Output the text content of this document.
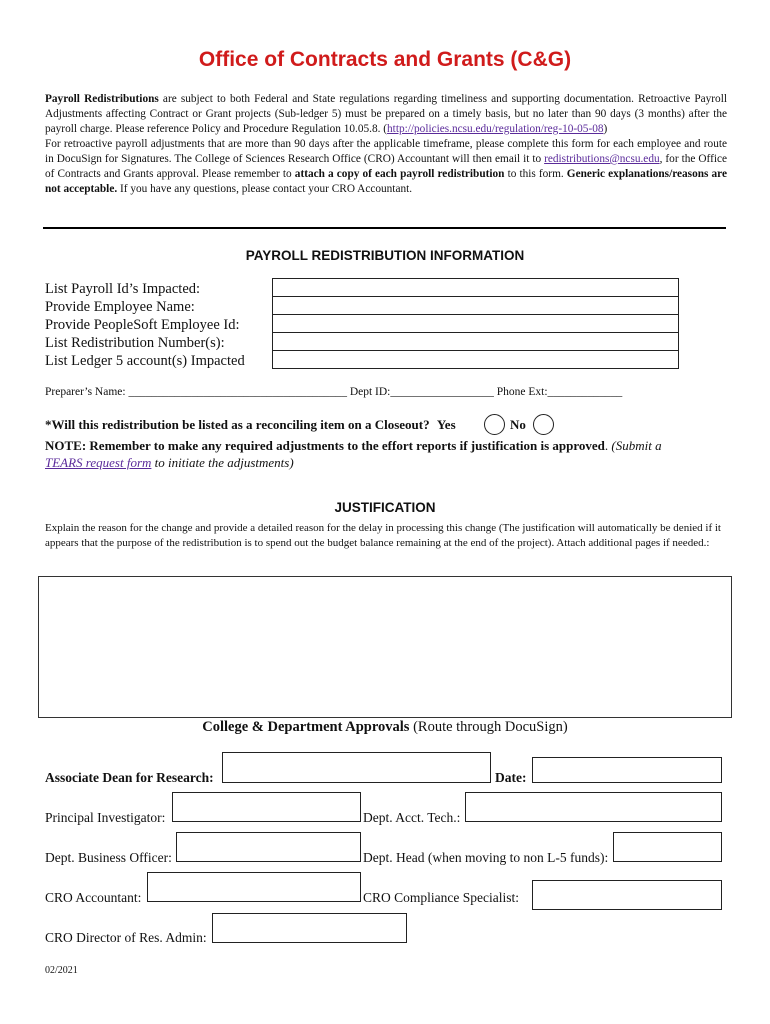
Office of Contracts and Grants (C&G)
Payroll Redistributions are subject to both Federal and State regulations regarding timeliness and supporting documentation. Retroactive Payroll Adjustments affecting Contract or Grant projects (Sub-ledger 5) must be prepared on a timely basis, but no later than 90 days (3 months) after the payroll charge. Please reference Policy and Procedure Regulation 10.05.8. (http://policies.ncsu.edu/regulation/reg-10-05-08)
For retroactive payroll adjustments that are more than 90 days after the applicable timeframe, please complete this form for each employee and route in DocuSign for Signatures. The College of Sciences Research Office (CRO) Accountant will then email it to redistributions@ncsu.edu, for the Office of Contracts and Grants approval. Please remember to attach a copy of each payroll redistribution to this form. Generic explanations/reasons are not acceptable. If you have any questions, please contact your CRO Accountant.
PAYROLL REDISTRIBUTION INFORMATION
List Payroll Id’s Impacted:
Provide Employee Name:
Provide PeopleSoft Employee Id:
List Redistribution Number(s):
List Ledger 5 account(s) Impacted
Preparer’s Name: ______________________________________ Dept ID:__________________ Phone Ext:_____________
*Will this redistribution be listed as a reconciling item on a Closeout? Yes	No
NOTE: Remember to make any required adjustments to the effort reports if justification is approved. (Submit a
TEARS request form to initiate the adjustments)
JUSTIFICATION
Explain the reason for the change and provide a detailed reason for the delay in processing this change (The justification will automatically be denied if it appears that the purpose of the redistribution is to spend out the budget balance remaining at the end of the project). Attach additional pages if needed.:
College & Department Approvals (Route through DocuSign)
Associate Dean for Research:	Date:
Principal Investigator:	Dept. Acct. Tech.:
Dept. Business Officer:	Dept. Head (when moving to non L-5 funds):
CRO Accountant:	CRO Compliance Specialist:
CRO Director of Res. Admin:
02/2021
